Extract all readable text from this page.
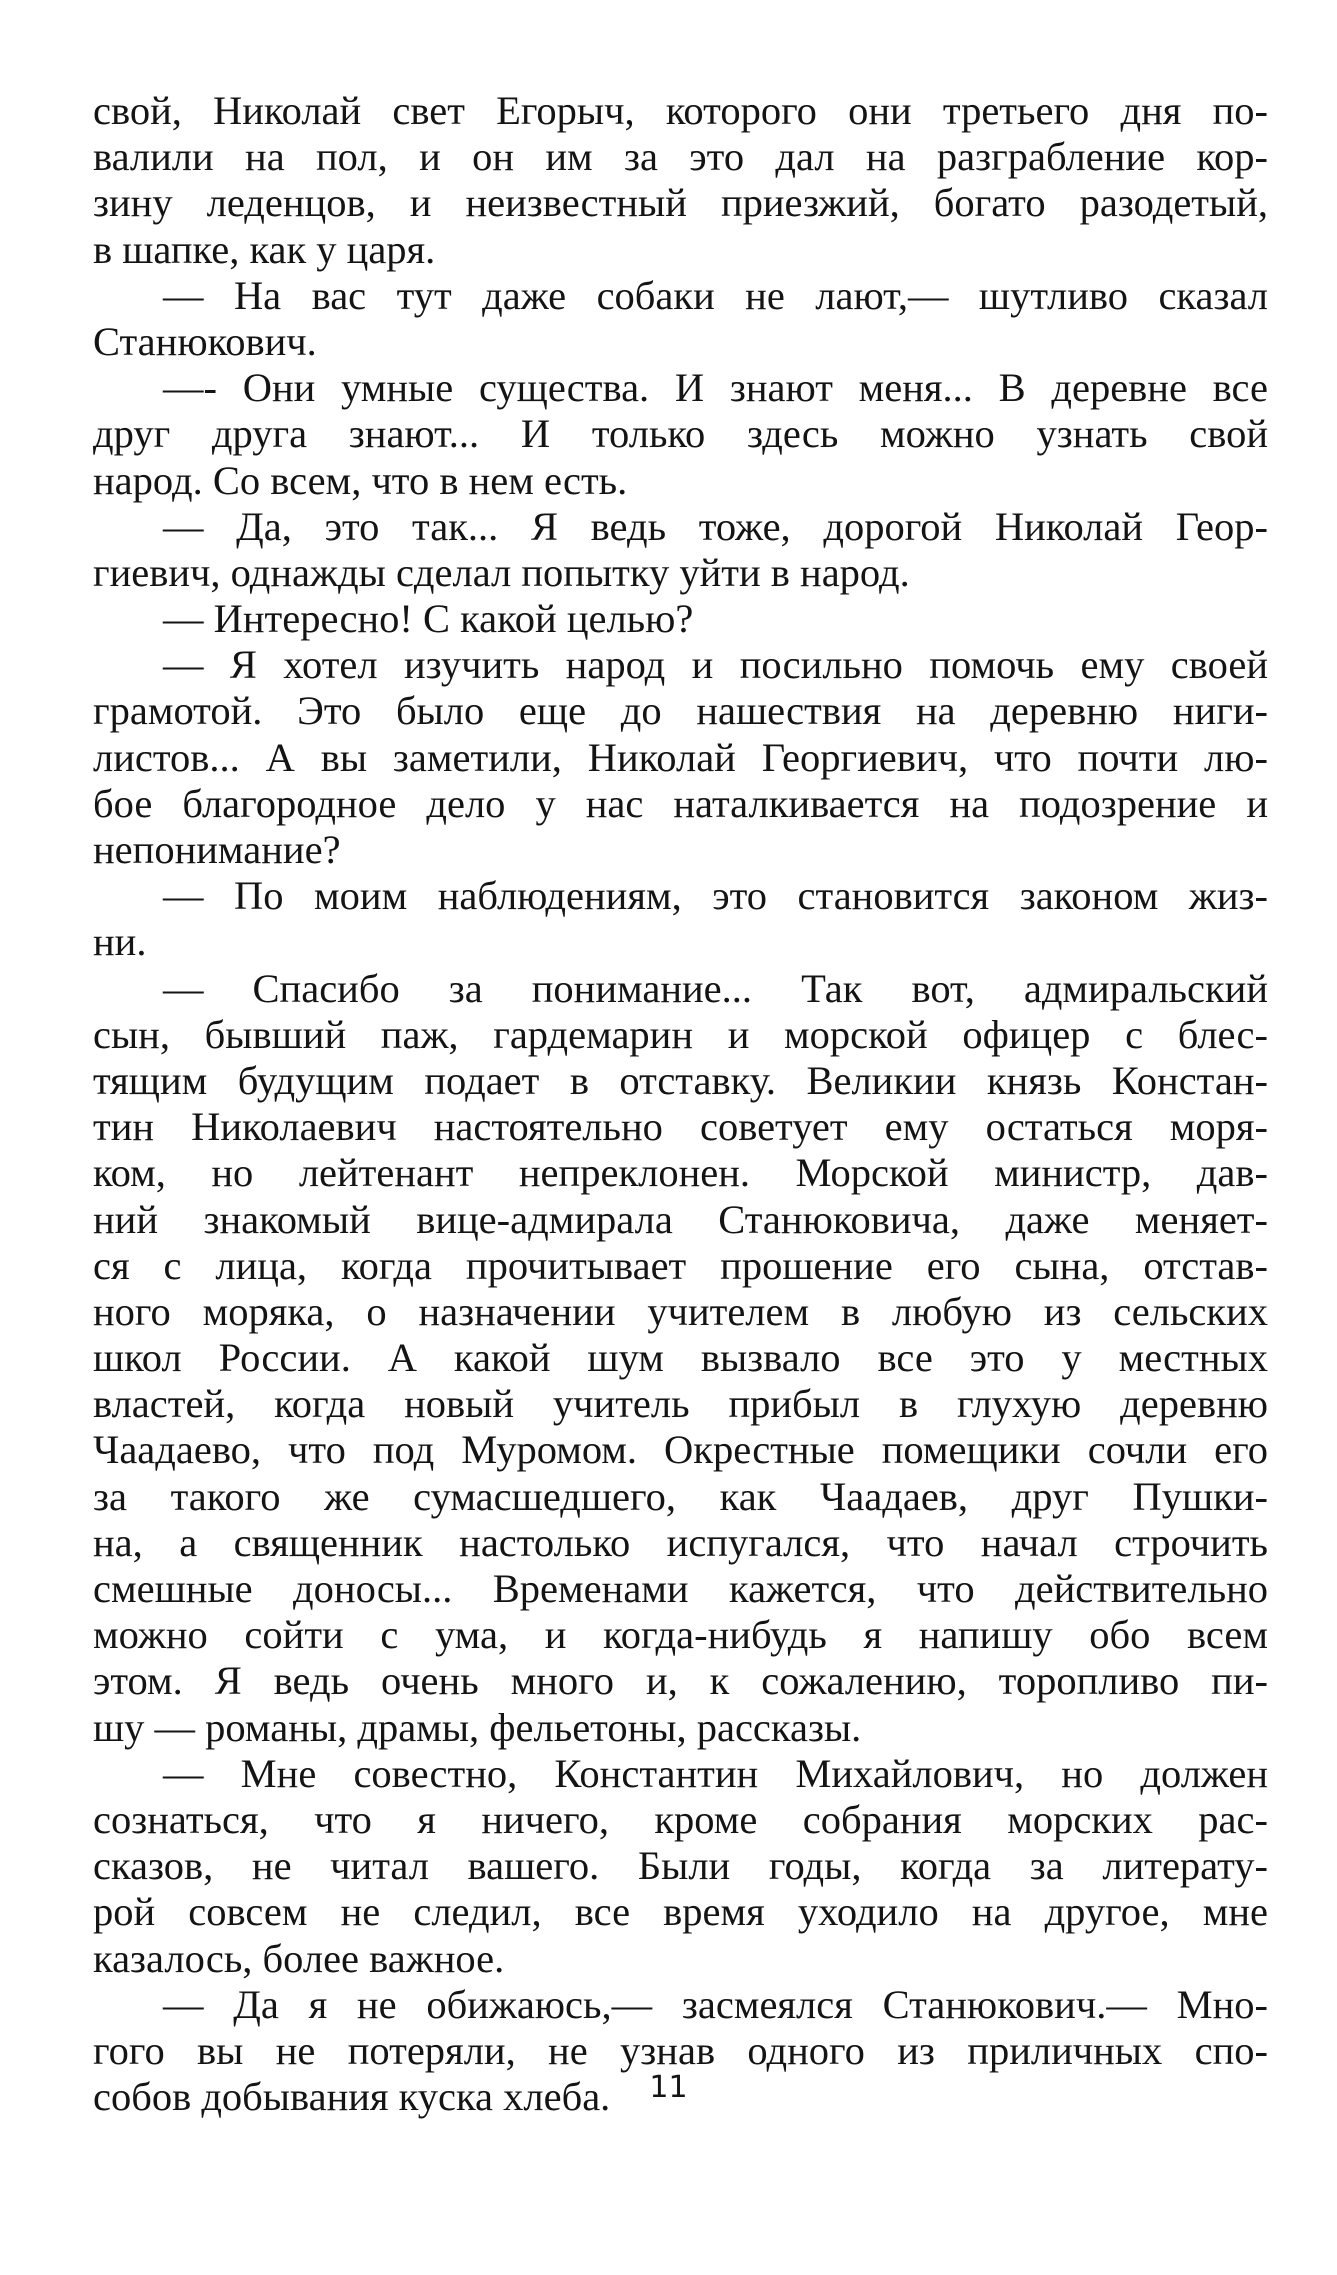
свой, Николай свет Егорыч, которого они третьего дня по-
валили на пол, и он им за это дал на разграбление кор-
зину леденцов, и неизвестный приезжий, богато разодетый,
в шапке, как у царя.
— На вас тут даже собаки не лают,— шутливо сказал
Станюкович.
—- Они умные существа. И знают меня... В деревне все
друг друга знают... И только здесь можно узнать свой
народ. Со всем, что в нем есть.
— Да, это так... Я ведь тоже, дорогой Николай Геор-
гиевич, однажды сделал попытку уйти в народ.
— Интересно! С какой целью?
— Я хотел изучить народ и посильно помочь ему своей
грамотой. Это было еще до нашествия на деревню ниги-
листов... А вы заметили, Николай Георгиевич, что почти лю-
бое благородное дело у нас наталкивается на подозрение и
непонимание?
— По моим наблюдениям, это становится законом жиз-
ни.
— Спасибо за понимание... Так вот, адмиральский
сын, бывший паж, гардемарин и морской офицер с блес-
тящим будущим подает в отставку. Великии князь Констан-
тин Николаевич настоятельно советует ему остаться моря-
ком, но лейтенант непреклонен. Морской министр, дав-
ний знакомый вице-адмирала Станюковича, даже меняет-
ся с лица, когда прочитывает прошение его сына, отстав-
ного моряка, о назначении учителем в любую из сельских
школ России. А какой шум вызвало все это у местных
властей, когда новый учитель прибыл в глухую деревню
Чаадаево, что под Муромом. Окрестные помещики сочли его
за такого же сумасшедшего, как Чаадаев, друг Пушки-
на, а священник настолько испугался, что начал строчить
смешные доносы... Временами кажется, что действительно
можно сойти с ума, и когда-нибудь я напишу обо всем
этом. Я ведь очень много и, к сожалению, торопливо пи-
шу — романы, драмы, фельетоны, рассказы.
— Мне совестно, Константин Михайлович, но должен
сознаться, что я ничего, кроме собрания морских рас-
сказов, не читал вашего. Были годы, когда за литерату-
рой совсем не следил, все время уходило на другое, мне
казалось, более важное.
— Да я не обижаюсь,— засмеялся Станюкович.— Мно-
гого вы не потеряли, не узнав одного из приличных спо-
собов добывания куска хлеба.	11
